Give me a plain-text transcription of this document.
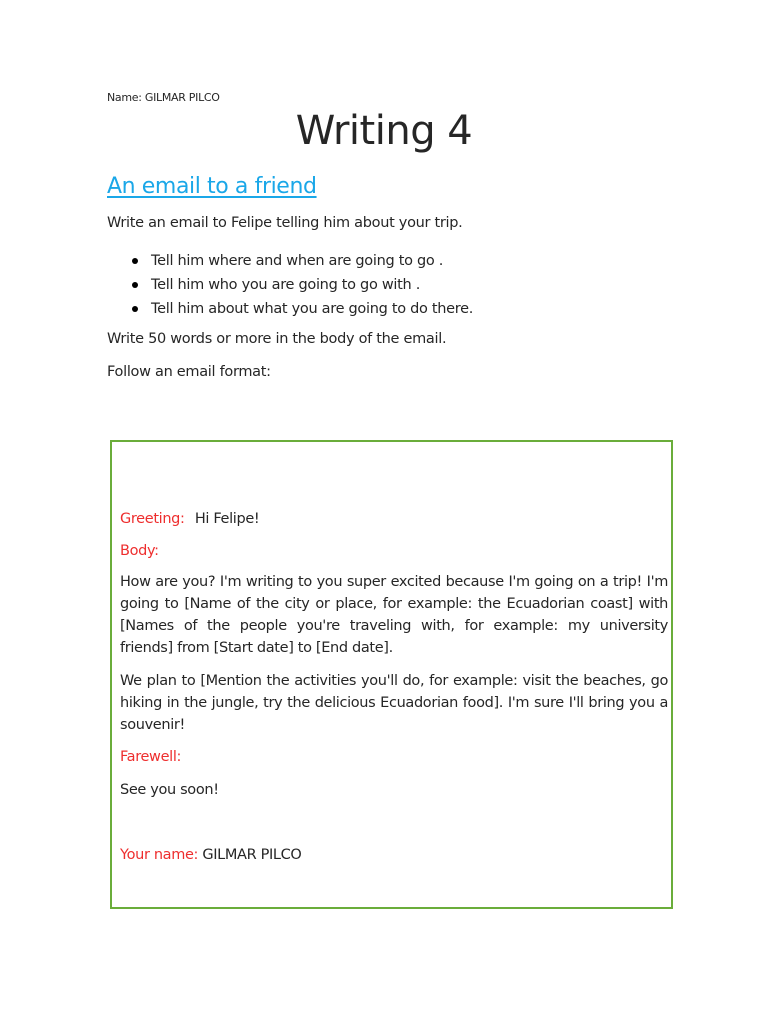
Name: GILMAR PILCO
Writing 4
An email to a friend

Write an email to Felipe telling him about your trip.

Tell him where and when are going to go .
Tell him who you are going to go with .
Tell him about what you are going to do there.

Write 50 words or more in the body of the email.

Follow an email format:

Greeting: Hi Felipe!
Body:
How are you? I'm writing to you super excited because I'm going on a trip! I'm going to [Name of the city or place, for example: the Ecuadorian coast] with [Names of the people you're traveling with, for example: my university friends] from [Start date] to [End date].
We plan to [Mention the activities you'll do, for example: visit the beaches, go hiking in the jungle, try the delicious Ecuadorian food]. I'm sure I'll bring you a souvenir!
Farewell:
See you soon!
Your name: GILMAR PILCO
